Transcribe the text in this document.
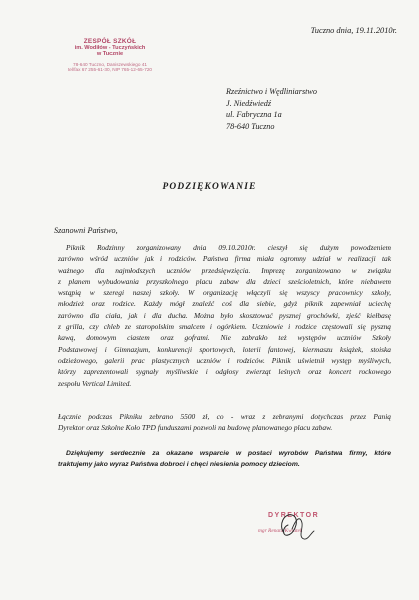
Tuczno dnia, 19.11.2010r.
ZESPÓŁ SZKÓŁ
im. Wodiłów - Tuczyńskich
w Tucznie
78-640 Tuczno, Daniszewskiego 41
tel/fax 67 255-61-30, NIP 765-12-65-720
Rzeźnictwo i Wędliniarstwo
J. Niedźwiedź
ul. Fabryczna 1a
78-640 Tuczno
PODZIĘKOWANIE
Szanowni Państwo,
Piknik Rodzinny zorganizowany dnia 09.10.2010r. cieszył się dużym powodzeniem
zarówno wśród uczniów jak i rodziców. Państwa firma miała ogromny udział w realizacji tak
ważnego dla najmłodszych uczniów przedsięwzięcia. Imprezę zorganizowano w związku
z planem wybudowania przyszkolnego placu zabaw dla dzieci sześcioletnich, które niebawem
wstąpią w szeregi naszej szkoły. W organizację włączyli się wszyscy pracownicy szkoły,
młodzież oraz rodzice. Każdy mógł znaleźć coś dla siebie, gdyż piknik zapewniał uciechę
zarówno dla ciała, jak i dla ducha. Można było skosztować pysznej grochówki, zjeść kiełbasę
z grilla, czy chleb ze staropolskim smalcem i ogórkiem. Uczniowie i rodzice częstowali się pyszną
kawą, domowym ciastem oraz goframi. Nie zabrakło też występów uczniów Szkoły
Podstawowej i Gimnazjum, konkurencji sportowych, loterii fantowej, kiermaszu książek, stoiska
odzieżowego, galerii prac plastycznych uczniów i rodziców. Piknik uświetnił występ myśliwych,
którzy zaprezentowali sygnały myśliwskie i odgłosy zwierząt leśnych oraz koncert rockowego
zespołu Vertical Limited.
Łącznie podczas Pikniku zebrano 5500 zł, co - wraz z zebranymi dotychczas przez Panią
Dyrektor oraz Szkolne Koło TPD funduszami pozwoli na budowę planowanego placu zabaw.
Dziękujemy serdecznie za okazane wsparcie w postaci wyrobów Państwa firmy, które
traktujemy jako wyraz Państwa dobroci i chęci niesienia pomocy dzieciom.
DYREKTOR
mgr Renata Kwiatek
